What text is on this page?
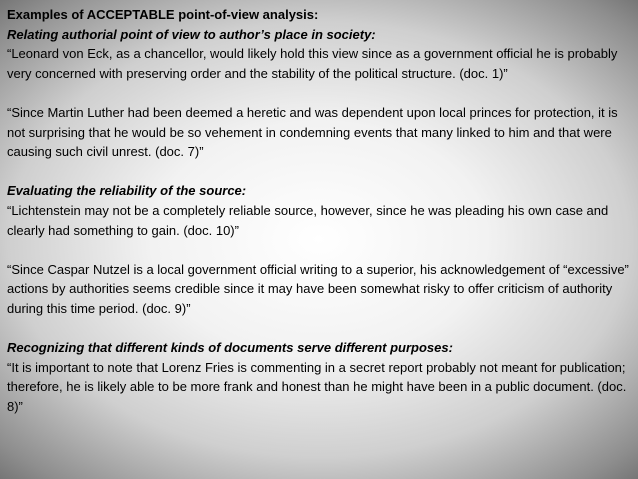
Examples of ACCEPTABLE point-of-view analysis:

Relating authorial point of view to author’s place in society:

“Leonard von Eck, as a chancellor, would likely hold this view since as a government official he is probably very concerned with preserving order and the stability of the political structure. (doc. 1)”

“Since Martin Luther had been deemed a heretic and was dependent upon local princes for protection, it is not surprising that he would be so vehement in condemning events that many linked to him and that were causing such civil unrest. (doc. 7)”

Evaluating the reliability of the source:

“Lichtenstein may not be a completely reliable source, however, since he was pleading his own case and clearly had something to gain. (doc. 10)”

“Since Caspar Nutzel is a local government official writing to a superior, his acknowledgement of “excessive” actions by authorities seems credible since it may have been somewhat risky to offer criticism of authority during this time period. (doc. 9)”

Recognizing that different kinds of documents serve different purposes:

“It is important to note that Lorenz Fries is commenting in a secret report probably not meant for publication; therefore, he is likely able to be more frank and honest than he might have been in a public document. (doc. 8)”
